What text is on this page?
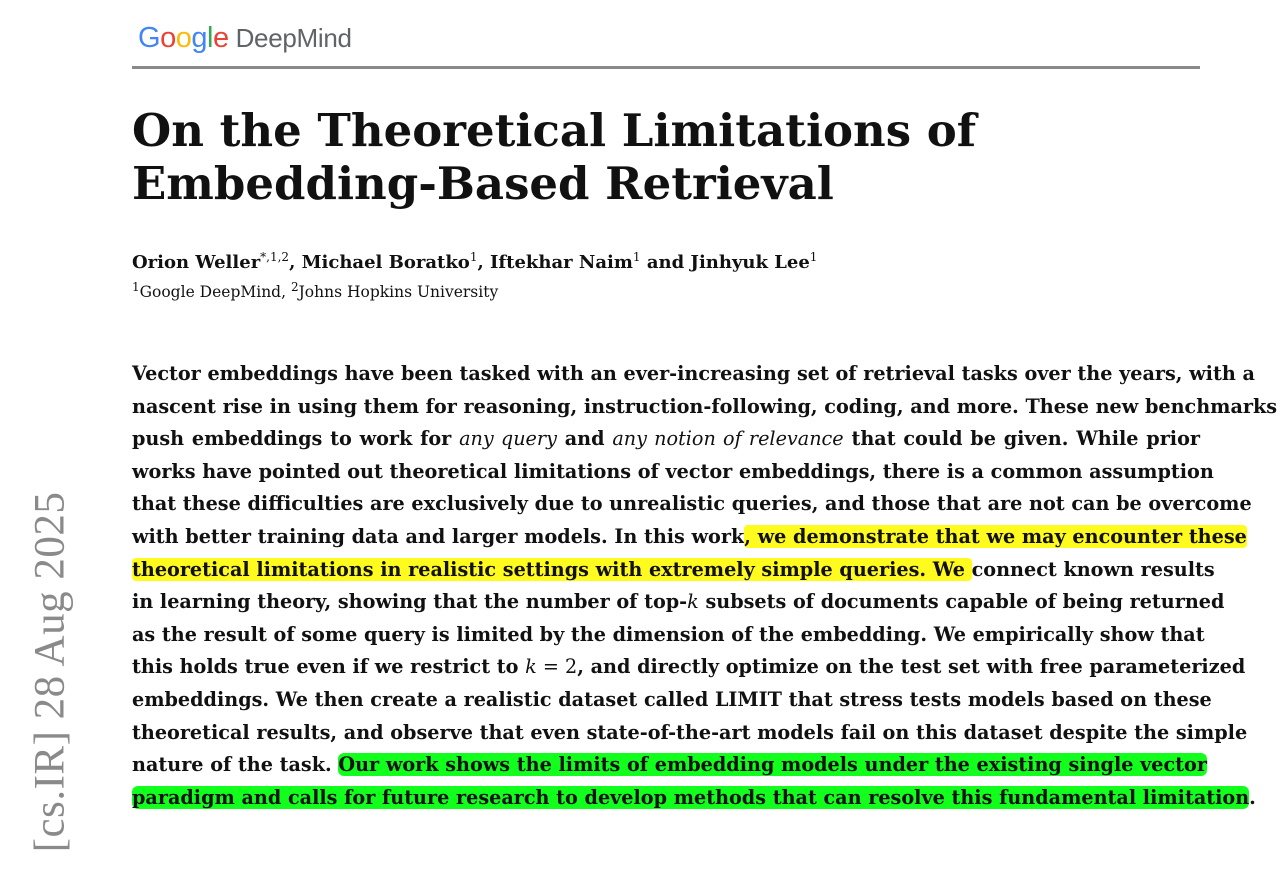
Google DeepMind
On the Theoretical Limitations of
Embedding-Based Retrieval
Orion Weller$^{*,1,2}$, Michael Boratko$^1$, Iftekhar Naim$^1$ and Jinhyuk Lee$^1$
$^1$Google DeepMind, $^2$Johns Hopkins University
Vector embeddings have been tasked with an ever-increasing set of retrieval tasks over the years, with a
nascent rise in using them for reasoning, instruction-following, coding, and more. These new benchmarks
push embeddings to work for any query and any notion of relevance that could be given. While prior
works have pointed out theoretical limitations of vector embeddings, there is a common assumption
that these difficulties are exclusively due to unrealistic queries, and those that are not can be overcome
with better training data and larger models. In this work, we demonstrate that we may encounter these
theoretical limitations in realistic settings with extremely simple queries. We connect known results
in learning theory, showing that the number of top-k subsets of documents capable of being returned
as the result of some query is limited by the dimension of the embedding. We empirically show that
this holds true even if we restrict to k = 2, and directly optimize on the test set with free parameterized
embeddings. We then create a realistic dataset called LIMIT that stress tests models based on these
theoretical results, and observe that even state-of-the-art models fail on this dataset despite the simple
nature of the task. Our work shows the limits of embedding models under the existing single vector
paradigm and calls for future research to develop methods that can resolve this fundamental limitation.
[cs.IR] 28 Aug 2025
